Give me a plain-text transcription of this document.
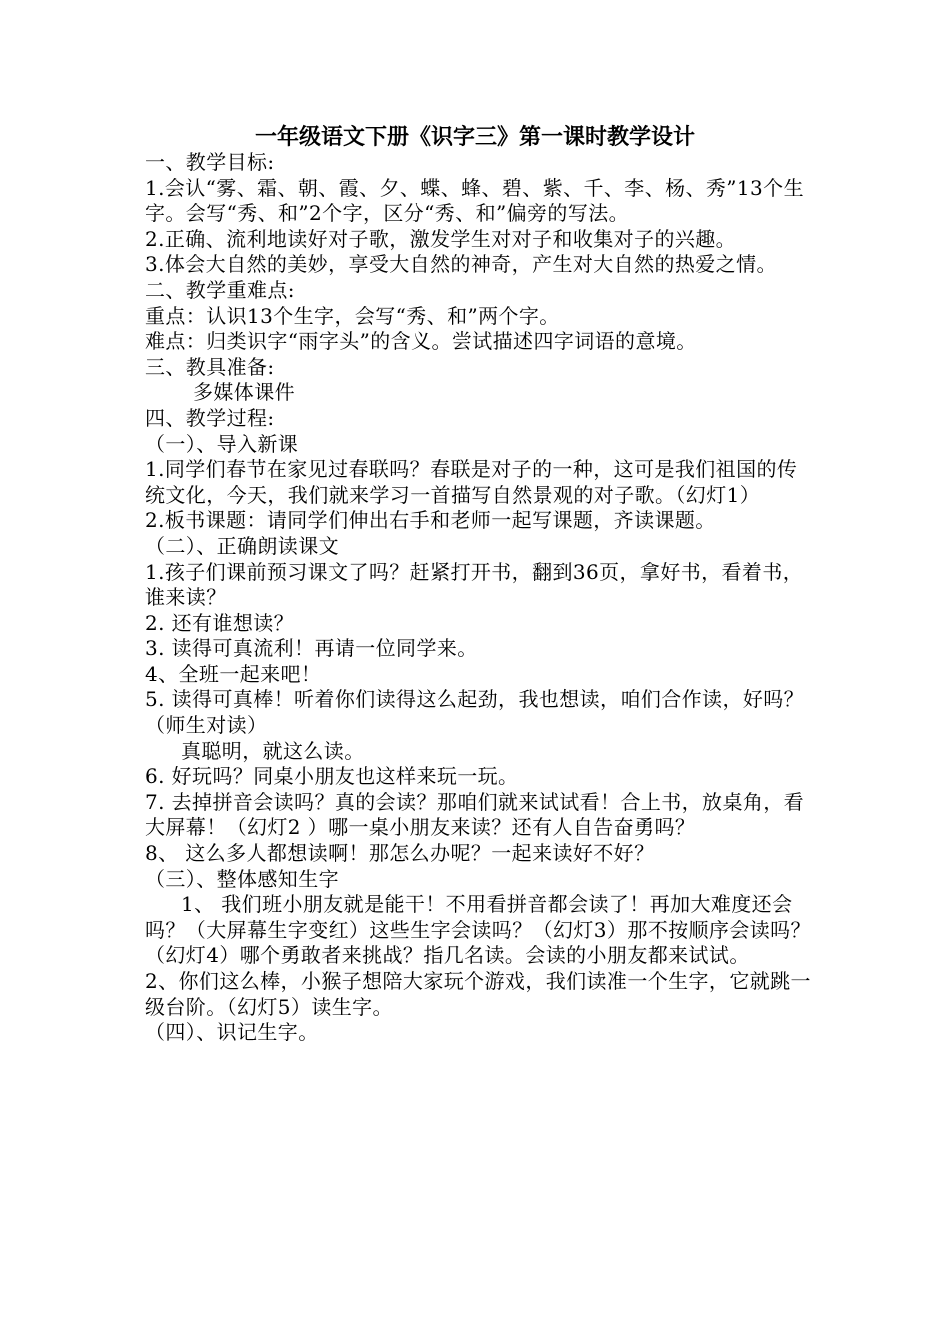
一年级语文下册《识字三》第一课时教学设计

一、教学目标:

1.会认“雾、霜、朝、霞、夕、蝶、蜂、碧、紫、千、李、杨、秀”13个生字。会写“秀、和”2个字，区分“秀、和”偏旁的写法。

2.正确、流利地读好对子歌，激发学生对对子和收集对子的兴趣。

3.体会大自然的美妙，享受大自然的神奇，产生对大自然的热爱之情。

二、教学重难点:

重点：认识13个生字，会写“秀、和”两个字。

难点：归类识字“雨字头”的含义。尝试描述四字词语的意境。

三、教具准备:

多媒体课件

四、教学过程:

（一）、导入新课

1.同学们春节在家见过春联吗？春联是对子的一种，这可是我们祖国的传统文化，今天，我们就来学习一首描写自然景观的对子歌。（幻灯1）

2.板书课题：请同学们伸出右手和老师一起写课题，齐读课题。

（二）、正确朗读课文

1.孩子们课前预习课文了吗？赶紧打开书，翻到36页，拿好书，看着书，谁来读？

2. 还有谁想读？

3. 读得可真流利！再请一位同学来。

4、全班一起来吧！

5. 读得可真棒！听着你们读得这么起劲，我也想读，咱们合作读，好吗？（师生对读）

真聪明，就这么读。

6. 好玩吗？同桌小朋友也这样来玩一玩。

7. 去掉拼音会读吗？真的会读？那咱们就来试试看！合上书，放桌角，看大屏幕！（幻灯2 ）哪一桌小朋友来读？还有人自告奋勇吗？

8、 这么多人都想读啊！那怎么办呢？一起来读好不好？

（三）、整体感知生字

1、 我们班小朋友就是能干！不用看拼音都会读了！再加大难度还会吗？（大屏幕生字变红）这些生字会读吗？（幻灯3）那不按顺序会读吗？（幻灯4）哪个勇敢者来挑战？指几名读。会读的小朋友都来试试。

2、你们这么棒，小猴子想陪大家玩个游戏，我们读准一个生字，它就跳一级台阶。（幻灯5）读生字。

（四）、识记生字。
